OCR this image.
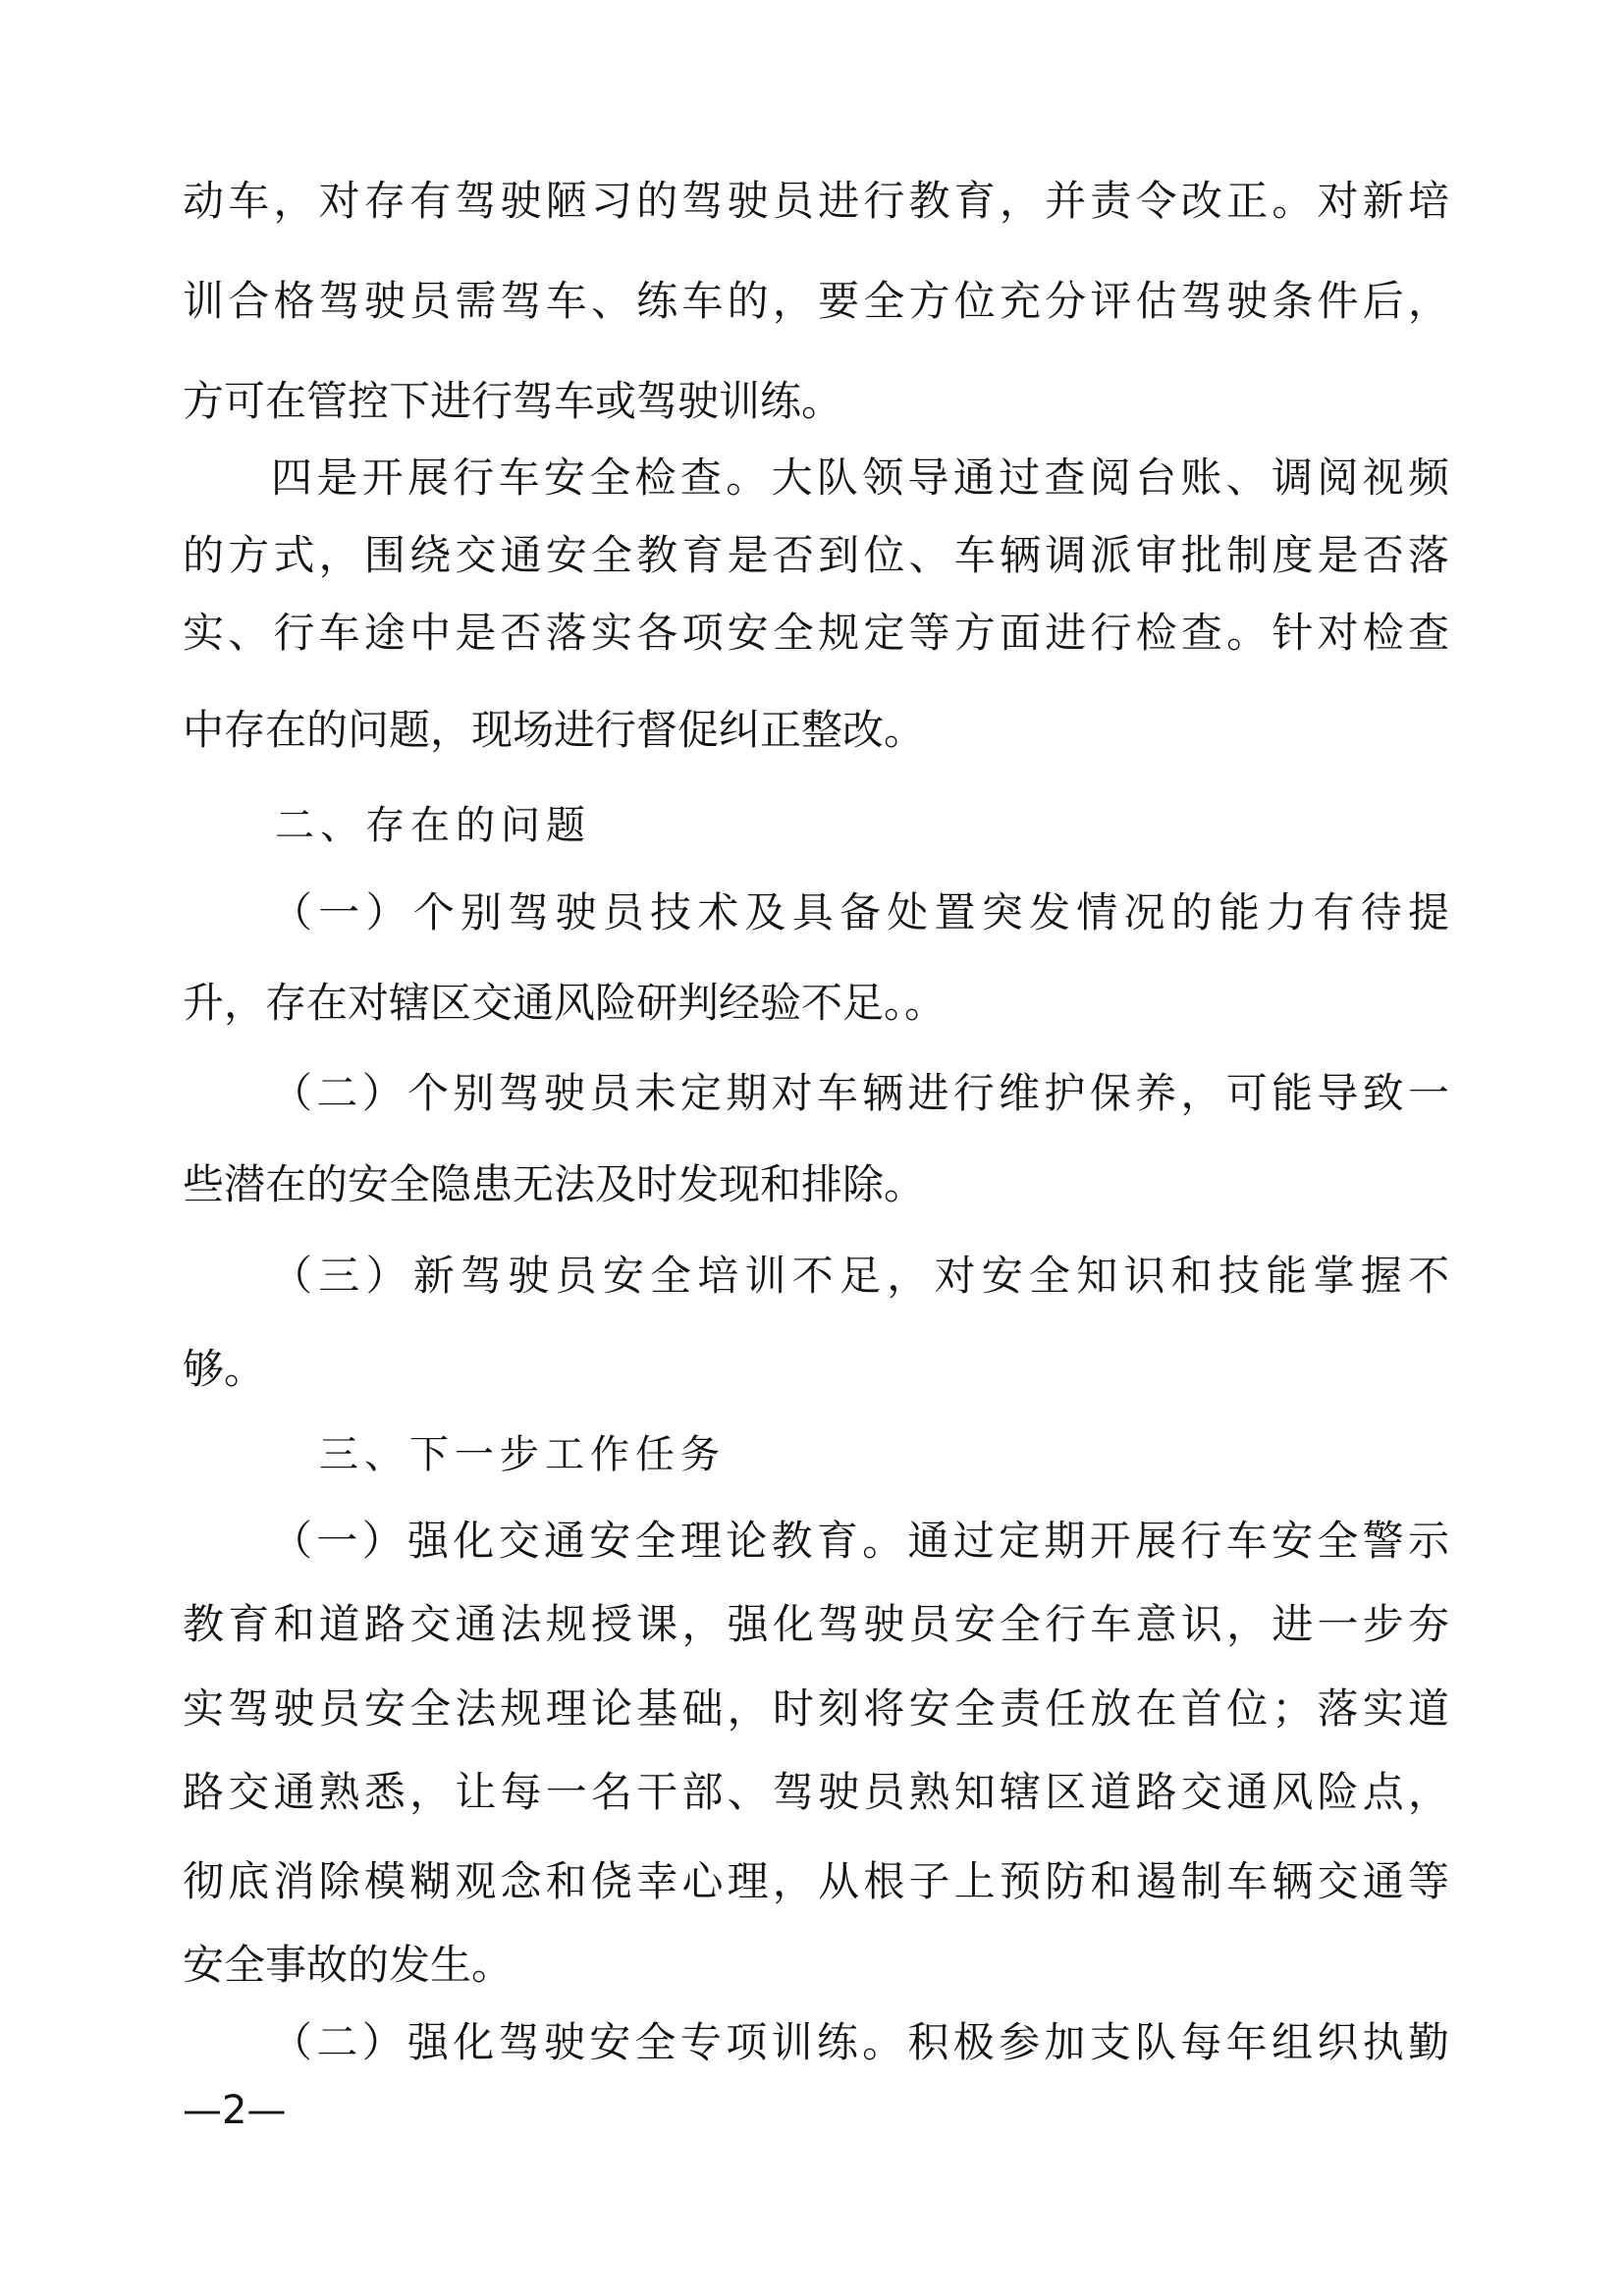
动车，对存有驾驶陋习的驾驶员进行教育，并责令改正。对新培
训合格驾驶员需驾车、练车的，要全方位充分评估驾驶条件后，
方可在管控下进行驾车或驾驶训练。
四是开展行车安全检查。大队领导通过查阅台账、调阅视频
的方式，围绕交通安全教育是否到位、车辆调派审批制度是否落
实、行车途中是否落实各项安全规定等方面进行检查。针对检查
中存在的问题，现场进行督促纠正整改。
二、存在的问题
（一）个别驾驶员技术及具备处置突发情况的能力有待提
升，存在对辖区交通风险研判经验不足。。
（二）个别驾驶员未定期对车辆进行维护保养，可能导致一
些潜在的安全隐患无法及时发现和排除。
（三）新驾驶员安全培训不足，对安全知识和技能掌握不
够。
三、下一步工作任务
（一）强化交通安全理论教育。通过定期开展行车安全警示
教育和道路交通法规授课，强化驾驶员安全行车意识，进一步夯
实驾驶员安全法规理论基础，时刻将安全责任放在首位；落实道
路交通熟悉，让每一名干部、驾驶员熟知辖区道路交通风险点，
彻底消除模糊观念和侥幸心理，从根子上预防和遏制车辆交通等
安全事故的发生。
（二）强化驾驶安全专项训练。积极参加支队每年组织执勤
—2—
